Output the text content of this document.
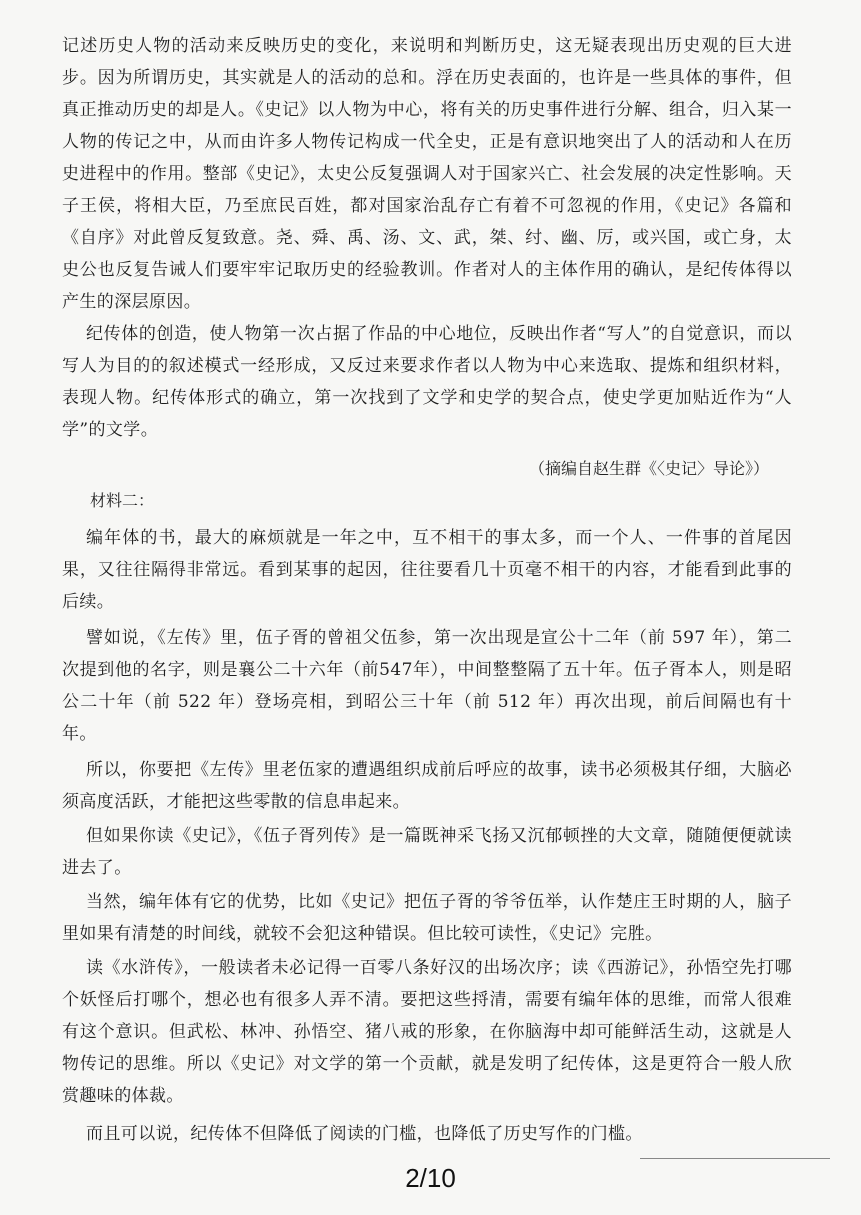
记述历史人物的活动来反映历史的变化，来说明和判断历史，这无疑表现出历史观的巨大进步。因为所谓历史，其实就是人的活动的总和。浮在历史表面的，也许是一些具体的事件，但真正推动历史的却是人。《史记》以人物为中心，将有关的历史事件进行分解、组合，归入某一人物的传记之中，从而由许多人物传记构成一代全史，正是有意识地突出了人的活动和人在历史进程中的作用。整部《史记》，太史公反复强调人对于国家兴亡、社会发展的决定性影响。天子王侯，将相大臣，乃至庶民百姓，都对国家治乱存亡有着不可忽视的作用，《史记》各篇和《自序》对此曾反复致意。尧、舜、禹、汤、文、武，桀、纣、幽、厉，或兴国，或亡身，太史公也反复告诫人们要牢牢记取历史的经验教训。作者对人的主体作用的确认，是纪传体得以产生的深层原因。

纪传体的创造，使人物第一次占据了作品的中心地位，反映出作者“写人”的自觉意识，而以写人为目的的叙述模式一经形成，又反过来要求作者以人物为中心来选取、提炼和组织材料，表现人物。纪传体形式的确立，第一次找到了文学和史学的契合点，使史学更加贴近作为“人学”的文学。

（摘编自赵生群《〈史记〉导论》）
材料二：

编年体的书，最大的麻烦就是一年之中，互不相干的事太多，而一个人、一件事的首尾因果，又往往隔得非常远。看到某事的起因，往往要看几十页毫不相干的内容，才能看到此事的后续。

譬如说，《左传》里，伍子胥的曾祖父伍参，第一次出现是宣公十二年（前 597 年），第二次提到他的名字，则是襄公二十六年（前547年），中间整整隔了五十年。伍子胥本人，则是昭公二十年（前 522 年）登场亮相，到昭公三十年（前 512 年）再次出现，前后间隔也有十年。

所以，你要把《左传》里老伍家的遭遇组织成前后呼应的故事，读书必须极其仔细，大脑必须高度活跃，才能把这些零散的信息串起来。

但如果你读《史记》，《伍子胥列传》是一篇既神采飞扬又沉郁顿挫的大文章，随随便便就读进去了。

当然，编年体有它的优势，比如《史记》把伍子胥的爷爷伍举，认作楚庄王时期的人，脑子里如果有清楚的时间线，就较不会犯这种错误。但比较可读性，《史记》完胜。

读《水浒传》，一般读者未必记得一百零八条好汉的出场次序；读《西游记》，孙悟空先打哪个妖怪后打哪个，想必也有很多人弄不清。要把这些捋清，需要有编年体的思维，而常人很难有这个意识。但武松、林冲、孙悟空、猪八戒的形象，在你脑海中却可能鲜活生动，这就是人物传记的思维。所以《史记》对文学的第一个贡献，就是发明了纪传体，这是更符合一般人欣赏趣味的体裁。

而且可以说，纪传体不但降低了阅读的门槛，也降低了历史写作的门槛。

2/10
